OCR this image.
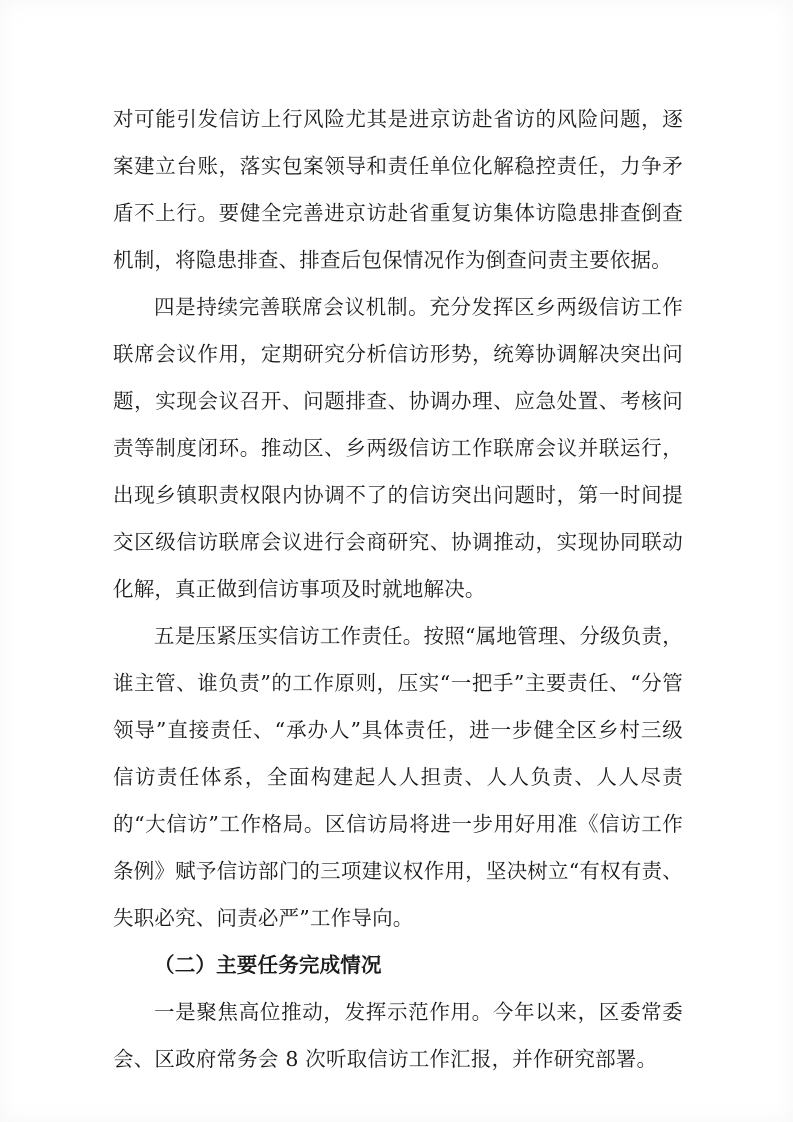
对可能引发信访上行风险尤其是进京访赴省访的风险问题，逐案建立台账，落实包案领导和责任单位化解稳控责任，力争矛盾不上行。要健全完善进京访赴省重复访集体访隐患排查倒查机制，将隐患排查、排查后包保情况作为倒查问责主要依据。

四是持续完善联席会议机制。充分发挥区乡两级信访工作联席会议作用，定期研究分析信访形势，统筹协调解决突出问题，实现会议召开、问题排查、协调办理、应急处置、考核问责等制度闭环。推动区、乡两级信访工作联席会议并联运行，出现乡镇职责权限内协调不了的信访突出问题时，第一时间提交区级信访联席会议进行会商研究、协调推动，实现协同联动化解，真正做到信访事项及时就地解决。

五是压紧压实信访工作责任。按照“属地管理、分级负责，谁主管、谁负责”的工作原则，压实“一把手”主要责任、“分管领导”直接责任、“承办人”具体责任，进一步健全区乡村三级信访责任体系，全面构建起人人担责、人人负责、人人尽责的“大信访”工作格局。区信访局将进一步用好用准《信访工作条例》赋予信访部门的三项建议权作用，坚决树立“有权有责、失职必究、问责必严”工作导向。

（二）主要任务完成情况

一是聚焦高位推动，发挥示范作用。今年以来，区委常委会、区政府常务会 8 次听取信访工作汇报，并作研究部署。
